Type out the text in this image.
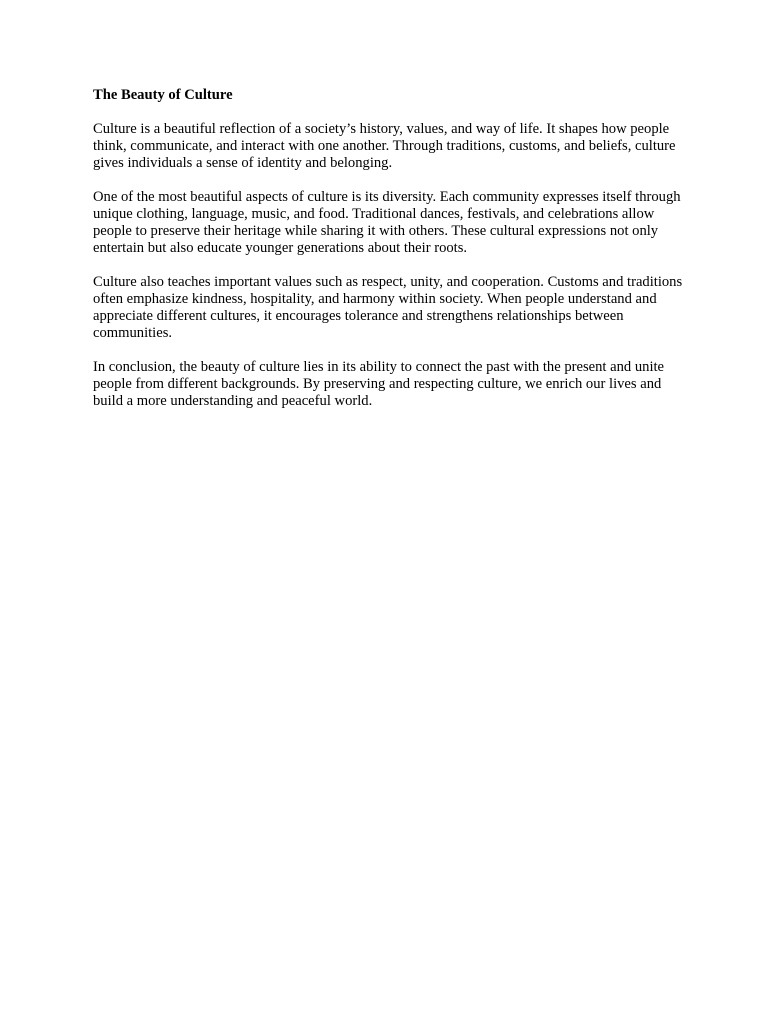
The Beauty of Culture

Culture is a beautiful reflection of a society’s history, values, and way of life. It shapes how people think, communicate, and interact with one another. Through traditions, customs, and beliefs, culture gives individuals a sense of identity and belonging.

One of the most beautiful aspects of culture is its diversity. Each community expresses itself through unique clothing, language, music, and food. Traditional dances, festivals, and celebrations allow people to preserve their heritage while sharing it with others. These cultural expressions not only entertain but also educate younger generations about their roots.

Culture also teaches important values such as respect, unity, and cooperation. Customs and traditions often emphasize kindness, hospitality, and harmony within society. When people understand and appreciate different cultures, it encourages tolerance and strengthens relationships between communities.

In conclusion, the beauty of culture lies in its ability to connect the past with the present and unite people from different backgrounds. By preserving and respecting culture, we enrich our lives and build a more understanding and peaceful world.
